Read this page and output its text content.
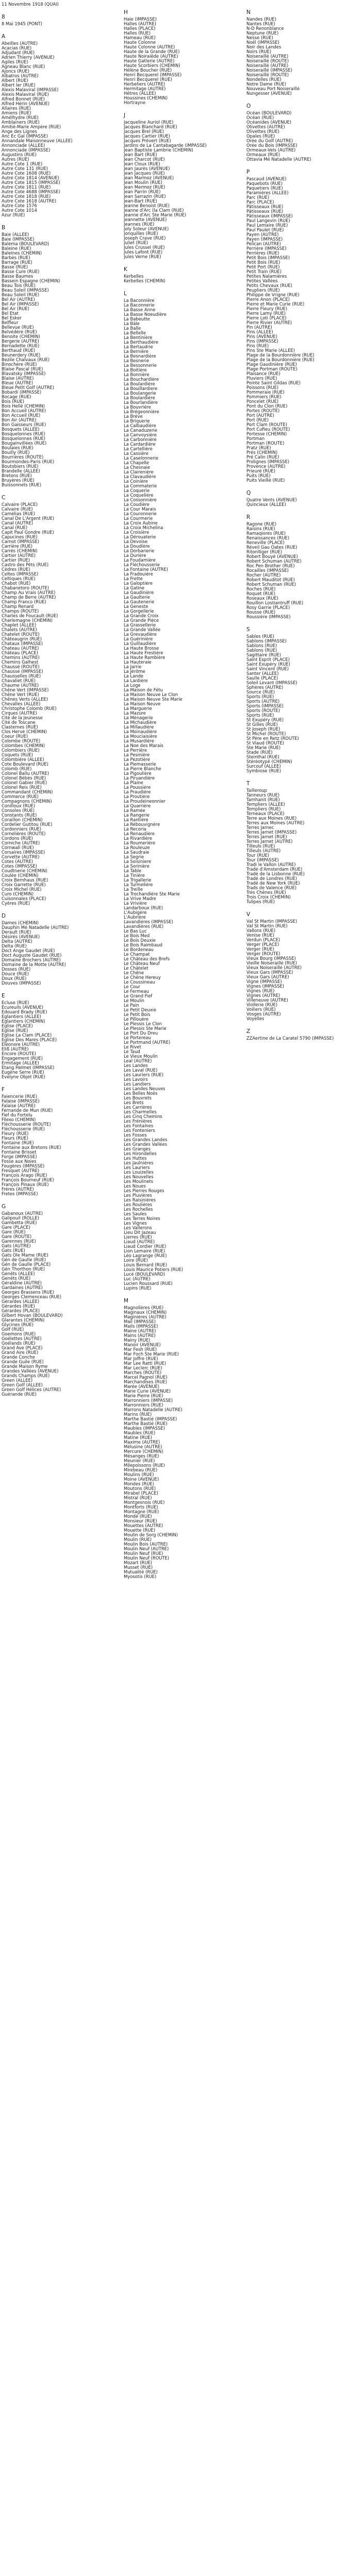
11 Novembre 1918 (QUAI)
8
8 Mai 1945 (PONT)
A
Abeilles (AUTRE)
Acacias (RUE)
Adjudant (RUE)
Adrien Thierry (AVENUE)
Agiles (RUE)
Agneau Blanc (RUE)
Ajoncs (RUE)
Albatros (AUTRE)
Albert (RUE)
Albert Ier (RUE)
Alexis Malaviral (IMPASSE)
Alexis Malaviral (RUE)
Alfred Bonnet (RUE)
Alfred Hérin (AVENUE)
Allaires (RUE)
Amiens (RUE)
Amélhydre (RUE)
Amblainers (RUE)
Amitié-Marie Ampère (RUE)
Ange des Lignes
Anc Ec Gal (IMPASSE)
Annandale Maisonneuve (ALLÉE)
Annonciade (ALLÉE)
Annonciade (IMPASSE)
Augustins (RUE)
Autres (RUE)
Autre Cote 1 (RUE)
Autre Cote 131 (RUE)
Autre Cote 1608 (RUE)
Autre Cote 1814 (AVENUE)
Autre Cote 1815 (IMPASSE)
Autre Cote 1811 (RUE)
Autre Cote 4688 (IMPASSE)
Autre Cote 1818 (RUE)
Autre Cote 1618 (AUTRE)
Autre Cote 1576
Autre Cote 1014
Azur (RUE)
B
Baie (ALLÉE)
Baie (IMPASSE)
Balema (BOULEVARD)
Baleine (RUE)
Baleines (CHEMIN)
Barbès (RUE)
Barrage (RUE)
Basse (RUE)
Basse Cure (RUE)
Basse Baumes
Bassein Espagne (CHEMIN)
Beau Tois (RUE)
Beau Soleil (IMPASSE)
Beau Soleil (RUE)
Bel Air (AUTRE)
Bel Air (IMPASSE)
Bel Air (RUE)
Bel Etat
Bel Esker
Belfleur
Bellevue (RUE)
Belvédère (RUE)
Benoite (CHEMIN)
Bergerie (AUTRE)
Bernadette (RUE)
Berthaud (RUE)
Beunerdery (RUE)
Bezile Chalvaux (RUE)
Binochère (RUE)
Blaise Pascal (RUE)
Blavatsky (IMPASSE)
Blaise (AUTRE)
Bleue (AUTRE)
Bleue Petit Golf (AUTRE)
Bobardi (IMPASSE)
Bocage (RUE)
Bois (RUE)
Bois Hellé (CHEMIN)
Bon Accueil (AUTRE)
Bon Accueil (RUE)
Bon Air (AUTRE)
Bon Gaisseurs (RUE)
Bosquets (ALLÉE)
Bosquelonnes (RUE)
Bosquelonnes (RUE)
Bougainvillées (RUE)
Boulaies (RUE)
Bouilly (RUE)
Bourrières (ROUTE)
Bourmondes-Paris (RUE)
Boutobiers (RUE)
Brandelle (ALLÉE)
Bretons (RUE)
Bruyères (RUE)
Buissonnets (RUE)
C
Calvaire (PLACE)
Calvaire (RUE)
Camélias (RUE)
Canal De L'Argent (RUE)
Canal (AUTRE)
Canal (RUE)
Capit Paul Gondre (RUE)
Capucines (RUE)
Carnot (IMPASSE)
Carrière (RUE)
Carrés (CHEMIN)
Cartier (AUTRE)
Cartier (RUE)
Castro des Pêts (RUE)
Cèdres (RUE)
Celtes (IMPASSE)
Celtiques (RUE)
Chabot (RUE)
Chabanetoro (ROUTE)
Champ Au Vrais (AUTRE)
Champ de Berre (AUTRE)
Champ Franco (RUE)
Champ Renard
Champs (ROUTE)
Charles de Foucault (RUE)
Charlemagne (CHEMIN)
Chaplet (ALLÉE)
Chalets (AUTRE)
Chatelet (ROUTE)
Châteaugrin (RUE)
Chataux (IMPASSE)
Chateau (AUTRE)
Château (PLACE)
Chemins (AUTRE)
Chemins Galhest
Chaussé (ROUTE)
Chaussé (IMPASSE)
Chausselles (RUE)
Chavaliet (RUE)
Chaume (AUTRE)
Chêne Vert (IMPASSE)
Chêne Vert (RUE)
Chênes Verts (ALLÉE)
Chevalles (ALLÉE)
Christophe Colomb (RUE)
Cirques (AUTRE)
Cité de la Jeunesse
Cité de Toscane
Clasternes (RUE)
Clos Hervé (CHEMIN)
Coeur (RUE)
Colombe (ROUTE)
Colombes (CHEMIN)
Colombiers (RUE)
Coquets (RUE)
Colombière (ALLÉE)
Cote Boulevard (RUE)
Colomb (RUE)
Colonel Ballu (AUTRE)
Colonel Bèbès (RUE)
Colonel Gabier (RUE)
Colonel Reis (RUE)
Commandant (CHEMIN)
Commerce (RUE)
Compagnons (CHEMIN)
Conilloux (RUE)
Consoles (RUE)
Constants (RUE)
Coraillon (CHEMIN)
Cordelier Gutitou (RUE)
Cordonniers (RUE)
Cornelières (ROUTE)
Cordons (RUE)
Corniche (AUTRE)
Cornwall (RUE)
Corsaires (IMPASSE)
Corvette (AUTRE)
Cotes (AUTRE)
Cotes (IMPASSE)
Coudtnerie (CHEMIN)
Coulée (CHEMIN)
Croix Bernhaus (RUE)
Croix Garrette (RUE)
Croix Michel (RUE)
Curo (CHEMIN)
Cuisonnales (PLACE)
Cyères (RUE)
D
Dames (CHEMIN)
Dauphin Mé Natadelle (AUTRE)
Derault (RUE)
Désirés (AVENUE)
Delta (AUTRE)
Delta (RUE)
Doct Ange Gaudet (RUE)
Doct Auguste Gaudet (RUE)
Domaine Brochers (AUTRE)
Domaine de la Motte (AUTRE)
Dosses (RUE)
Douce (RUE)
Doux (RUE)
Douves (IMPASSE)
E
Écluse (RUE)
Écureuils (AVENUE)
Édouard Brady (RUE)
Églantiers (ALLÉE)
Églantiers (CHEMIN)
Église (PLACE)
Église (RUE)
Église La Clam (PLACE)
Église Des Mares (PLACE)
Éléonore (AUTRE)
Eliß (AUTRE)
Encore (ROUTE)
Engagement (RUE)
Ermitage (ALLÉE)
Etang Helmet (IMPASSE)
Eugène Serre (RUE)
Evelyne Objet (RUE)
F
Faiencerie (RUE)
Falaise (IMPASSE)
Falaise (AUTRE)
Fernande de Mun (RUE)
Fief du Fortelu
Filexo (CHEMIN)
Fléchousserie (ROUTE)
Fléchousserie (RUE)
Fleury (RUE)
Fleurs (RUE)
Fontaine (RUE)
Fontaine aux Bretons (RUE)
Fontaine Brisset
Forge (IMPASSE)
Fosse aux Noies
Fougères (IMPASSE)
Fresquet (AUTRE)
François Arago (RUE)
François Bourneuf (RUE)
François Pinaux (RUE)
Frères (AUTRE)
Fretes (IMPASSE)
G
Gabanoux (AUTRE)
Galipouil (ROLLE)
Gambetta (RUE)
Gare (PLACE)
Gare (RUE)
Gare (ROUTE)
Garennes (RUE)
Gats (AUTRE)
Gats (RUE)
Gats Ole Mame (RUE)
Gén de Gaulle (RUE)
Gén de Gaulle (PLACE)
Gén Thorthon (RUE)
Genêts (ALLÉE)
Genêts (RUE)
Géraldine (AUTRE)
Gardaines (AUTRE)
Georges Brassens (RUE)
Georges Clemenceau (RUE)
Gérardes (ALLÉE)
Gérardes (RUE)
Gérardes (PLACE)
Gilbert Hovan (BOULEVARD)
Glarantes (CHEMIN)
Glycines (RUE)
Golf (RUE)
Goemons (RUE)
Goélettes (AUTRE)
Goélands (RUE)
Grand Ave (PLACE)
Grand Aire (RUE)
Grande Conche
Grande Guile (RUE)
Grande Maison Ryme
Grandes Vallées (AVENUE)
Grands Champs (RUE)
Green (ALLÉE)
Green Golf (ALLÉE)
Green Golf Hélices (AUTRE)
Guérande (RUE)
H
Haie (IMPASSE)
Halles (AUTRE)
Halles (PLACE)
Halles (RUE)
Hameau (RUE)
Haute Colonne
Haute Colonne (AUTRE)
Haute de la Grande (RUE)
Haute Noiraiëde (AUTRE)
Haute Gatlerie (AUTRE)
Haute Scorbiers (CHEMIN)
Hélène Boucher (RUE)
Henri Becquerel (IMPASSE)
Henri Becquerel (RUE)
Herbeliers (AUTRE)
Hermitage (AUTRE)
Hêtres (ALLÉE)
Houssines (CHEMIN)
Hortrayne
J
Jacqueline Auriol (RUE)
Jacques Blanchard (RUE)
Jacques Brel (RUE)
Jacques Cartier (RUE)
Jacques Prévert (RUE)
Jardins de La Cantabagarde (IMPASSE)
Jean Baptiste Lambrie (CHEMIN)
Jean Bart (RUE)
Jean Charcot (RUE)
Jean Cloux (RUE)
Jean Jaurès (AVENUE)
Jean Jacques (RUE)
Jean Marmoz (AVENUE)
Jean Moulin (RUE)
Jean Mermoz (RUE)
Jean Parrin (RUE)
Jean Sarrazin (RUE)
Jean-Bart (RUE)
Jeanne Benoist (RUE)
Jeanne d'Arc (la Clam (RUE)
Jeanne d'Arc Ste Marie (RUE)
Jeannette (AVENUE)
Jeannes (RUE)
Joly Soleur (AVENUE)
Jonquilles (RUE)
Joseph Crave (RUE)
Juliet (RUE)
Jules Crussel (RUE)
Jules Lafont (RUE)
Jules Verne (RUE)
K
Kerbelles
Kerbelles (CHEMIN)
L
La Baconnière
La Baconnerie
La Basse Anne
La Basse Noeudière
La Babeutte
La Bâle
La Balle
La Bellelle
La Bentinière
La Berthaudière
La Bertaudrie
La Bernière
La Besnardière
La Besnerie
La Bessonnerie
La Boitière
La Bonnière
La Bouchardière
La Boulardière
La Bouillardiere
La Boulangerie
La Boulardière
La Bourlandière
La Bouvrière
La Brégeonnière
La Brève
La Briquerie
La Calbaudière
La Canaduzerie
La Canvoysière
La Carbonnière
La Cardardière
La Cartellière
La Cassière
La Caselonnerie
La Chapelle
La Chesnaie
La Clairenière
La Clavaudière
La Coinière
La Commaterie
La Coquerie
La Coquelière
La Cossonnière
La Coudière
La Cour Marais
La Couronnerie
La Courmerie
La Croix Aubine
La Croix Michelina
La Croisière
La Dérouaterie
La Devoise
La Doudière
La Dorbanerie
La Durière
La Foudamière
La Fléchousserie
La Fontaine (AUTRE)
La Fradouière
La Frette
La Galoptière
La Gatine
La Gaudinière
La Gaulterie
La Gautenerie
La Geneste
La Gorgellerie
La Grande Croix
La Grande Pièce
La Grassellerie
La Grande Vallée
La Grevaudière
La Guérinière
La Guillaudière
La Haute Brosse
La Haute Frestière
La Haute Rambière
La Hauteraie
La Jarrie
La Jérôme
La Lande
La Lardière
La Loge
La Maison de Fétu
La Maison Neuve Le Clon
La Maison Neuve Ste Marie
La Maison Neuve
La Marguerie
La Mazure
La Ménagerie
La Michaudière
La Millaudière
La Moinaudière
La Mouciaisière
La Musardière
La Noe des Marais
La Perrière
La Pesinière
La Pezotière
La Piemasserie
La Pierre Blanche
La Pigoulière
La Piruandière
La Plaine
La Poussière
La Praudière
La Proutière
La Proudeineonnier
La Quarrière
La Ramée
La Rangerie
La Rantière
La Rébouvignère
La Recoria
La Renaudière
La Rivardière
La Roumerière
La Rouleuze
La Saudraie
La Segrie
La Soisiniere
La Sorinière
La Table
La Tinière
La Trigallerie
La Turmeliére
La Treille
La Trochandière Ste Marie
La Vrive Madre
La Vrivière
Landarboux (RUE)
L'Aubigère
L'Aubrière
Lavandières (IMPASSE)
Lavandières (RUE)
Le Bas Luc
Le Bois Med
Le Bois Deuxie
Le Bois Raimbaud
Le Bordeneau
Le Champat
Le Château des Brefs
Le Château Neuf
Le Châtelet
Le Chêne
Le Chêne Hereuy
Le Coussineau
Le Cour
Le Fermeau
Le Grand Fief
Le Moulin
Le Pain
Le Petit Deuxie
Le Petit Bois
Le Pillouère
Le Plessis Le Clon
Le Plessis Ste Marie
Le Port Du Dreu
Le Portereau
Le Portmand (AUTRE)
Le Rivet
Le Taud
Le Vieux Moulin
Leal (AUTRE)
Les Landes
Les Laval (RUE)
Les Lauriers (RUE)
Les Lavoirs
Les Landiers
Les Landes Neuves
Les Belles Noës
Les Bouvrets
Les Brets
Les Carrières
Les Charmelles
Les Cinq Chemins
Les Frénières
Les Fontaines
Les Fonteniers
Les Fosses
Les Grandes Landes
Les Grandes Vallées
Les Granges
Les Hirondelles
Les Huttes
Les Jaulnières
Les Lauriers
Les Louizelles
Les Nouvelles
Les Moulinets
Les Noues
Les Pierres Rouges
Les Pluvières
Les Raisinières
Les Roulières
Les Rochelles
Les Saules
Les Terres Noires
Les Vignes
Les Vallerons
Lieu Dit Jazeau
Lierres (RUE)
Liaud (AUTRE)
Liaud Cordier (RUE)
Lion Lemaire (RUE)
Léo Lagrange (RUE)
Loire (RUE)
Louis Bernard (RUE)
Louis Maurice Potiers (RUE)
Lucé (BOULEVARD)
Luc (AUTRE)
Lucien Roussard (RUE)
Lupins (RUE)
M
Magnolières (RUE)
Maginaux (CHEMIN)
Maginières (AUTRE)
Mail (IMPASSE)
Mails (IMPASSE)
Maine (AUTRE)
Mains (AUTRE)
Mainy (RUE)
Manoir (AVENUE)
Mar Fesh (RUE)
Mar Foch Ste Marie (RUE)
Mar Joffre (RUE)
Mar Lee Ratti (RUE)
Mar Leclerc (RUE)
Marches (ROUTE)
Marcel Pagnol (RUE)
Marchandises (RUE)
Marée (AVENUE)
Marie Curie (AVENUE)
Marie Pierre (RUE)
Marronniers (IMPASSE)
Marronniers (RUE)
Marrons Natadelle (AUTRE)
Marins (RUE)
Marthe Bastié (IMPASSE)
Marthe Bastié (RUE)
Maubles (IMPASSE)
Maubles (RUE)
Matine (RUE)
Maxime (AUTRE)
Mélusine (AUTRE)
Mercure (CHEMIN)
Mésanges (RUE)
Meunier (RUE)
Milepoissons (RUE)
Mirebeau (RUE)
Moulins (RUE)
Moine (AVENUE)
Mondes (RUE)
Moutons (RUE)
Mirabel (PLACE)
Mistral (RUE)
Montgesnois (RUE)
Montforts (RUE)
Montagne (RUE)
Mondé (RUE)
Monsieur (RUE)
Mouettes (AUTRE)
Mouette (RUE)
Moulin de Sorg (CHEMIN)
Moulin (RUE)
Moulin Bois (AUTRE)
Moulin Neuf (AUTRE)
Moulin Neuf (RUE)
Moulin Neuf (ROUTE)
Mozart (RUE)
Musset (RUE)
Mutualité (RUE)
Myosotis (RUE)
N
Nandes (RUE)
Nantes (RUE)
N-D Renonblance
Neptune (RUE)
Nesse (RUE)
Noël (IMPASSE)
Noir des Landes
Noirs (RUE)
Noiseraillé (AUTRE)
Noiseraillé (ROUTE)
Noiseraillé (AUTRE)
Noiseraillé (IMPASSE)
Noiseraillé (ROUTE)
Nondelles (RUE)
Notre Dame (RUE)
Nouveau Port Noiseraillé
Nungesser (AVENUE)
O
Océan (BOULEVARD)
Océan (RUE)
Océanides (AVENUE)
Olivettes (AUTRE)
Olivettes (RUE)
Opales (RUE)
Orée du Golf (AUTRE)
Orée du Bois (IMPASSE)
Ormeaux-Veis (AUTRE)
Ormeaux (RUE)
Ottavia Mé Natadelle (AUTRE)
P
Pascaud (AVENUE)
Paquebots (RUE)
Paquetiers (RUE)
Paramières (ALLÉE)
Parc (RUE)
Parc (PLACE)
Pâtisseaux (RUE)
Pâtisseaux (RUE)
Pâtisseaux (IMPASSE)
Paul Langevin (RUE)
Paul Lemaire (RUE)
Paul Paulet (RUE)
Payen (AUTRE)
Payen (IMPASSE)
Pelican (AUTRE)
Perrière (IMPASSE)
Perrières (RUE)
Petit Bois (IMPASSE)
Petit Bois (RUE)
Petit Port (RUE)
Petit Train (RUE)
Petites Nalamières
Petites Vallées
Petits Chevaux (RUE)
Peupliers (RUE)
Philippe de Vrigne (RUE)
Pierre Anon (PLACE)
Pierre et Marie Curie (RUE)
Pierre Fleury (RUE)
Pierre Lamy (RUE)
Pierre Loti (PLACE)
Pierre Rivier (AUTRE)
Pin (AUTRE)
Pins (ALLÉE)
Pins (AVENUE)
Pins (IMPASSE)
Pins (RUE)
Pins Ste Marie (ALLÉE)
Plage de la Bourdonnière (RUE)
Plage de la Bourdonnière (RUE)
Plage Gaudinière (RUE)
Plage Portman (ROUTE)
Plaisance (RUE)
Pluviers (RUE)
Pointe Saint Gildas (RUE)
Poissons (RUE)
Pommeraie (RUE)
Pommiers (RUE)
Poncelet (RUE)
Pont du Clon (RUE)
Portes (ROUTE)
Port (AUTRE)
Port (RUE)
Port Clam (ROUTE)
Port Cufieu (ROUTE)
Portesse (CHEMIN)
Portman
Portman (ROUTE)
Pratz (RUE)
Prés (CHEMIN)
Pré Calin (RUE)
Prolignes (IMPASSE)
Provence (AUTRE)
Prieuré (RUE)
Puits (RUE)
Puits Vieillé (RUE)
Q
Quatre Vents (AVENUE)
Quincieux (ALLÉE)
R
Ragone (RUE)
Raisins (RUE)
Ramaqiores (RUE)
Renaissances (RUE)
Reneville (PLACE)
Réveil Gau Oates (RUE)
Ritonlliger (RUE)
Robert Bouyé (AVENUE)
Robert Schuman (AUTRE)
Roc Pen Brother (RUE)
Rocailles (IMPASSE)
Rocher (AUTRE)
Robert Mauditot (RUE)
Robert Schuman (RUE)
Roches (RUE)
Roquet (RUE)
Roseaux (RUE)
Rouillon Lostiantruff (RUE)
Rosy Garrie (PLACE)
Rousse (RUE)
Roussière (IMPASSE)
S
Sables (RUE)
Sablons (IMPASSE)
Sablons (RUE)
Sablons (RUE)
Sagittaire (RUE)
Saint Esprit (PLACE)
Saint Exupéry (RUE)
Saint Vincent (RUE)
Santer (ALLÉE)
Saulle (PLACE)
Soleil Levant (IMPASSE)
Sphères (AUTRE)
Source (RUE)
Sports (RUE)
Sports (AUTRE)
Sports (IMPASSE)
Sports (ROUTE)
Sports (RUE)
St Exupéry (RUE)
St Gilles (RUE)
St Joseph (RUE)
St Michel (ROUTE)
St Père en Retz (ROUTE)
St Viaud (ROUTE)
Ste Marie (RUE)
Stade (RUE)
Steinthal (RUE)
Stéréotypé (CHEMIN)
Surcouf (ALLÉE)
Symbiose (RUE)
T
Tailleroup
Tanneurs (RUE)
Tamhanit (RUE)
Templiers (ALLÉE)
Templiers (RUE)
Terneaux (PLACE)
Terre aux Moines (RUE)
Terres aux Moines (AUTRE)
Terres Jarnec
Terres Jarnet (IMPASSE)
Terres Jarnet (RUE)
Terres Jarnet (AUTRE)
Tilleuls (RUE)
Tilleuls (AUTRE)
Tour (RUE)
Tour (IMPASSE)
Tradi le Vallon (AUTRE)
Tradé d'Amsterdam (RUE)
Tradé de la Lisbonne (RUE)
Tradé de Londres (RUE)
Tradé de New York (RUE)
Trads de Valence (RUE)
Très Chênes (RUE)
Trois Croix (CHEMIN)
Tulipes (RUE)
V
Val St Martin (IMPASSE)
Val St Martin (RUE)
Vallons (RUE)
Venise (RUE)
Verdun (PLACE)
Verger (PLACE)
Verger (RUE)
Verger (ROUTE)
Vieux Bourg (IMPASSE)
Vieille Noiseraillé (RUE)
Vieux Noiseraillé (AUTRE)
Vieux Gars (IMPASSE)
Vieux Gars (AUTRE)
Vigne (IMPASSE)
Vignes (IMPASSE)
Vignes (RUE)
Vignes (AUTRE)
Villeneuve (AUTRE)
Viollerie (RUE)
Voiliers (RUE)
Vosges (AUTRE)
Voyelles
Z
ZZAertine de La Caratel 5790 (IMPASSE)
